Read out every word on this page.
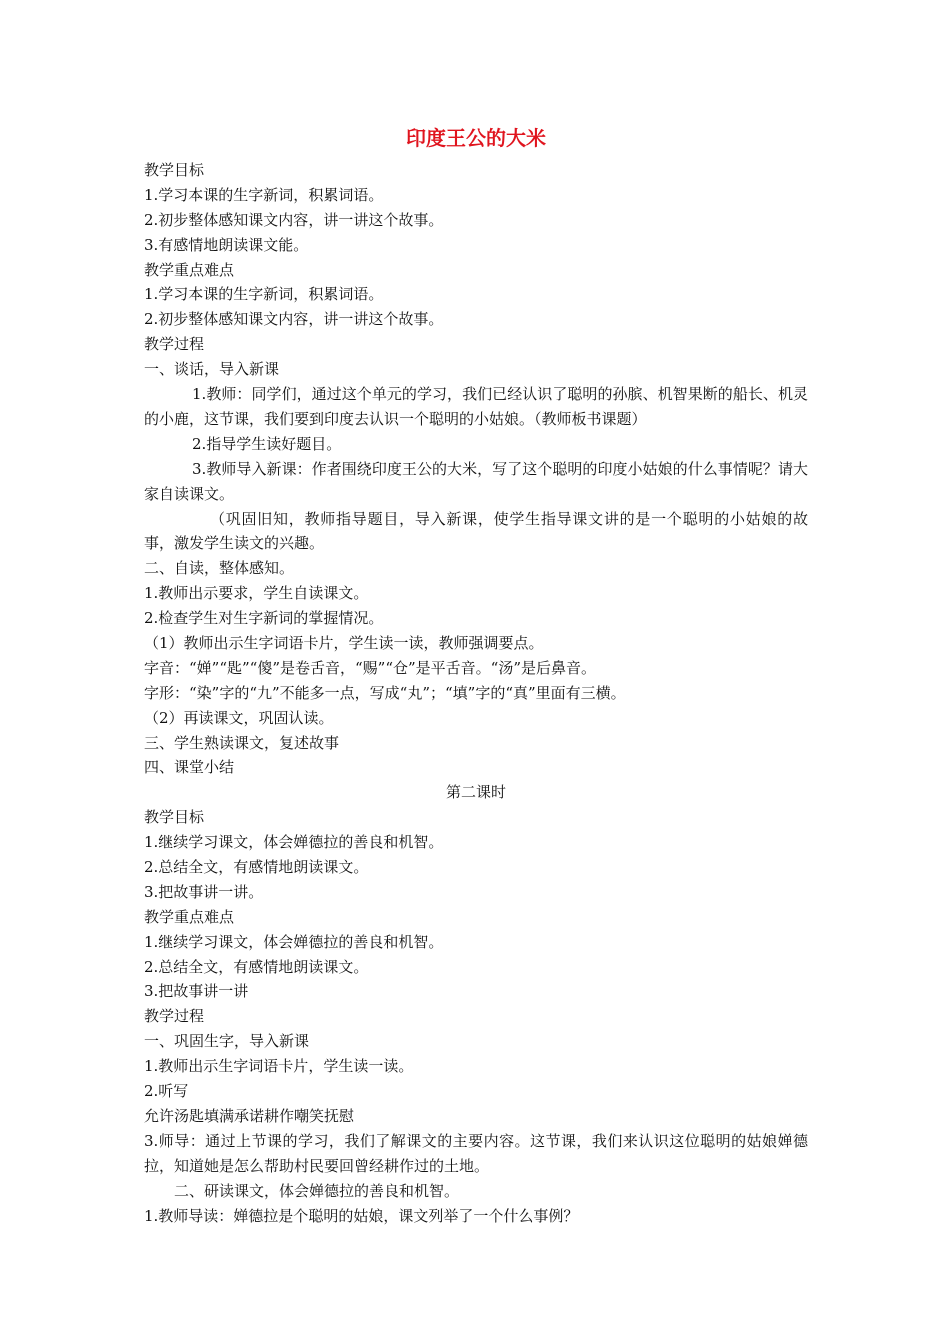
印度王公的大米

教学目标

1.学习本课的生字新词，积累词语。

2.初步整体感知课文内容，讲一讲这个故事。

3.有感情地朗读课文能。

教学重点难点

1.学习本课的生字新词，积累词语。

2.初步整体感知课文内容，讲一讲这个故事。

教学过程

一、谈话，导入新课

1.教师：同学们，通过这个单元的学习，我们已经认识了聪明的孙膑、机智果断的船长、机灵的小鹿，这节课，我们要到印度去认识一个聪明的小姑娘。（教师板书课题）

2.指导学生读好题目。

3.教师导入新课：作者围绕印度王公的大米，写了这个聪明的印度小姑娘的什么事情呢？请大家自读课文。

（巩固旧知，教师指导题目，导入新课，使学生指导课文讲的是一个聪明的小姑娘的故事，激发学生读文的兴趣。

二、自读，整体感知。

1.教师出示要求，学生自读课文。

2.检查学生对生字新词的掌握情况。

（1）教师出示生字词语卡片，学生读一读，教师强调要点。

字音：“婵”“匙”“傻”是卷舌音，“赐”“仓”是平舌音。“汤”是后鼻音。

字形：“染”字的“九”不能多一点，写成“丸”；“填”字的“真”里面有三横。

（2）再读课文，巩固认读。

三、学生熟读课文，复述故事

四、课堂小结

第二课时

教学目标

1.继续学习课文，体会婵德拉的善良和机智。

2.总结全文，有感情地朗读课文。

3.把故事讲一讲。

教学重点难点

1.继续学习课文，体会婵德拉的善良和机智。

2.总结全文，有感情地朗读课文。

3.把故事讲一讲

教学过程

一、巩固生字，导入新课

1.教师出示生字词语卡片，学生读一读。

2.听写

允许汤匙填满承诺耕作嘲笑抚慰

3.师导：通过上节课的学习，我们了解课文的主要内容。这节课，我们来认识这位聪明的姑娘婵德拉，知道她是怎么帮助村民要回曾经耕作过的土地。

二、研读课文，体会婵德拉的善良和机智。

1.教师导读：婵德拉是个聪明的姑娘，课文列举了一个什么事例？
